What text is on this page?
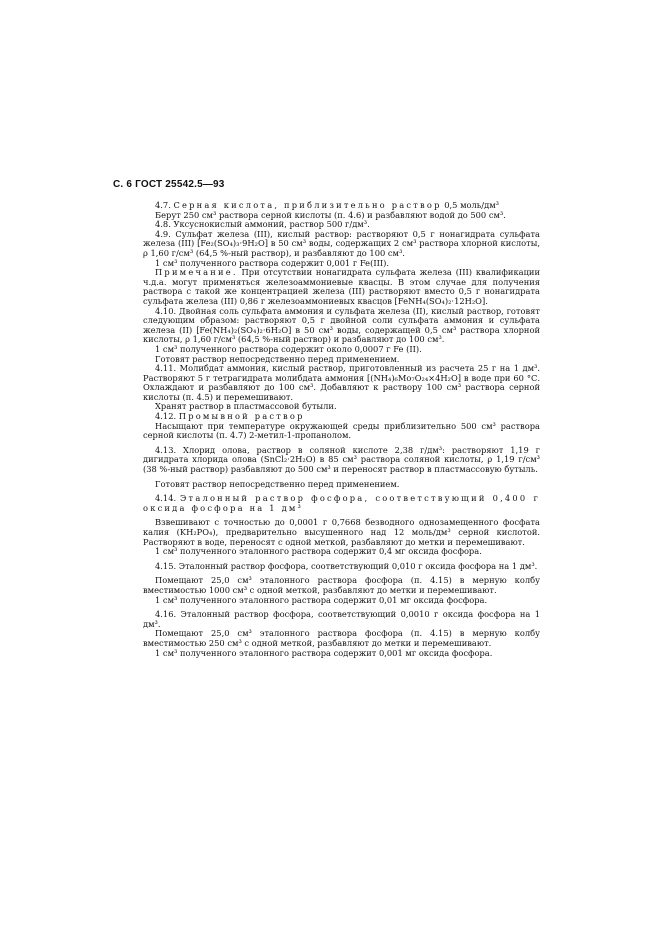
С. 6 ГОСТ 25542.5—93

4.7. Серная кислота, приблизительно раствор 0,5 моль/дм³

Берут 250 см³ раствора серной кислоты (п. 4.6) и разбавляют водой до 500 см³.

4.8. Уксуснокислый аммоний, раствор 500 г/дм³.

4.9. Сульфат железа (III), кислый раствор: растворяют 0,5 г нонагидрата сульфата железа (III) [Fe₂(SO₄)₃·9H₂O] в 50 см³ воды, содержащих 2 см³ раствора хлорной кислоты, ρ 1,60 г/см³ (64,5 %-ный раствор), и разбавляют до 100 см³.

1 см³ полученного раствора содержит 0,001 г Fe(III).

Примечание. При отсутствии нонагидрата сульфата железа (III) квалификации ч.д.а. могут применяться железоаммониевые квасцы. В этом случае для получения раствора с такой же концентрацией железа (III) растворяют вместо 0,5 г нонагидрата сульфата железа (III) 0,86 г железоаммониевых квасцов [FeNH₄(SO₄)₂·12H₂O].

4.10. Двойная соль сульфата аммония и сульфата железа (II), кислый раствор, готовят следующим образом: растворяют 0,5 г двойной соли сульфата аммония и сульфата железа (II) [Fe(NH₄)₂(SO₄)₂·6H₂O] в 50 см³ воды, содержащей 0,5 см³ раствора хлорной кислоты, ρ 1,60 г/см³ (64,5 %-ный раствор) и разбавляют до 100 см³.

1 см³ полученного раствора содержит около 0,0007 г Fe (II).

Готовят раствор непосредственно перед применением.

4.11. Молибдат аммония, кислый раствор, приготовленный из расчета 25 г на 1 дм³. Растворяют 5 г тетрагидрата молибдата аммония [(NH₄)₆Mo₇O₂₄×4H₂O] в воде при 60 °С. Охлаждают и разбавляют до 100 см³. Добавляют к раствору 100 см³ раствора серной кислоты (п. 4.5) и перемешивают.

Хранят раствор в пластмассовой бутыли.

4.12. Промывной раствор

Насыщают при температуре окружающей среды приблизительно 500 см³ раствора серной кислоты (п. 4.7) 2-метил-1-пропанолом.

4.13. Хлорид олова, раствор в соляной кислоте 2,38 г/дм³: растворяют 1,19 г дигидрата хлорида олова (SnCl₂·2H₂O) в 85 см³ раствора соляной кислоты, ρ 1,19 г/см³ (38 %-ный раствор) разбавляют до 500 см³ и переносят раствор в пластмассовую бутыль.

Готовят раствор непосредственно перед применением.

4.14. Эталонный раствор фосфора, соответствующий 0,400 г оксида фосфора на 1 дм³

Взвешивают с точностью до 0,0001 г 0,7668 безводного однозамещенного фосфата калия (KH₂PO₄), предварительно высушенного над 12 моль/дм³ серной кислотой. Растворяют в воде, переносят с одной меткой, разбавляют до метки и перемешивают.

1 см³ полученного эталонного раствора содержит 0,4 мг оксида фосфора.

4.15. Эталонный раствор фосфора, соответствующий 0,010 г оксида фосфора на 1 дм³.

Помещают 25,0 см³ эталонного раствора фосфора (п. 4.15) в мерную колбу вместимостью 1000 см³ с одной меткой, разбавляют до метки и перемешивают.

1 см³ полученного эталонного раствора содержит 0,01 мг оксида фосфора.

4.16. Эталонный раствор фосфора, соответствующий 0,0010 г оксида фосфора на 1 дм³.

Помещают 25,0 см³ эталонного раствора фосфора (п. 4.15) в мерную колбу вместимостью 250 см³ с одной меткой, разбавляют до метки и перемешивают.

1 см³ полученного эталонного раствора содержит 0,001 мг оксида фосфора.
